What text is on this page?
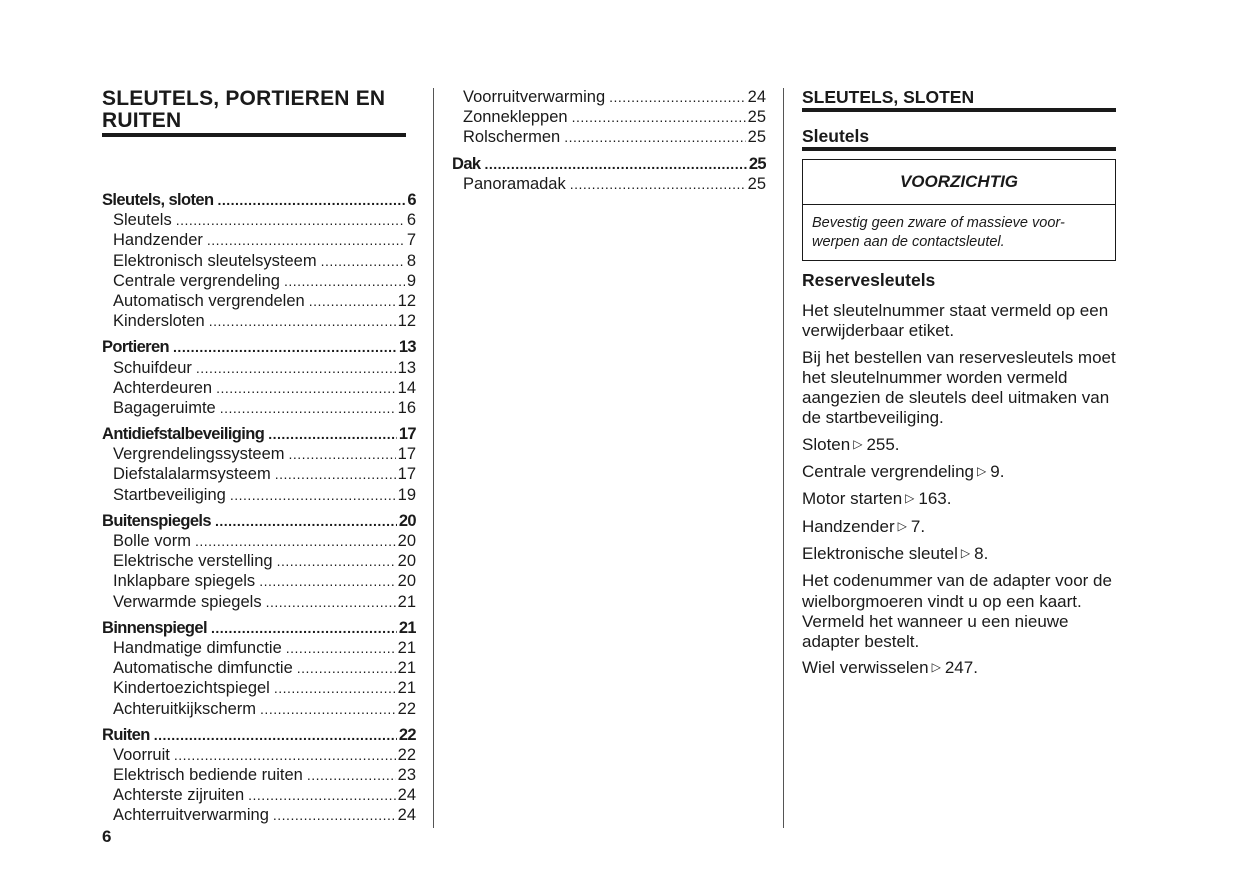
SLEUTELS, PORTIEREN EN RUITEN
Sleutels, sloten .....	6
Sleutels .....	6
Handzender .....	7
Elektronisch sleutelsysteem .....	8
Centrale vergrendeling .....	9
Automatisch vergrendelen .....	12
Kindersloten .....	12
Portieren .....	13
Schuifdeur .....	13
Achterdeuren .....	14
Bagageruimte .....	16
Antidiefstalbeveiliging .....	17
Vergrendelingssysteem .....	17
Diefstalalarmsysteem .....	17
Startbeveiliging .....	19
Buitenspiegels .....	20
Bolle vorm .....	20
Elektrische verstelling .....	20
Inklapbare spiegels .....	20
Verwarmde spiegels .....	21
Binnenspiegel .....	21
Handmatige dimfunctie .....	21
Automatische dimfunctie .....	21
Kindertoezichtspiegel .....	21
Achteruitkijkscherm .....	22
Ruiten .....	22
Voorruit .....	22
Elektrisch bediende ruiten .....	23
Achterste zijruiten .....	24
Achterruitverwarming .....	24
6
Voorruitverwarming .....	24
Zonnekleppen .....	25
Rolschermen .....	25
Dak .....	25
Panoramadak .....	25
SLEUTELS, SLOTEN
Sleutels
VOORZICHTIG
Bevestig geen zware of massieve voor-
werpen aan de contactsleutel.
Reservesleutels

Het sleutelnummer staat vermeld op een verwijderbaar etiket.

Bij het bestellen van reservesleutels moet het sleutelnummer worden vermeld aangezien de sleutels deel uitmaken van de startbeveiliging.

Sloten ▷ 255.

Centrale vergrendeling ▷ 9.

Motor starten ▷ 163.

Handzender ▷ 7.

Elektronische sleutel ▷ 8.

Het codenummer van de adapter voor de wielborgmoeren vindt u op een kaart. Vermeld het wanneer u een nieuwe adapter bestelt.

Wiel verwisselen ▷ 247.
